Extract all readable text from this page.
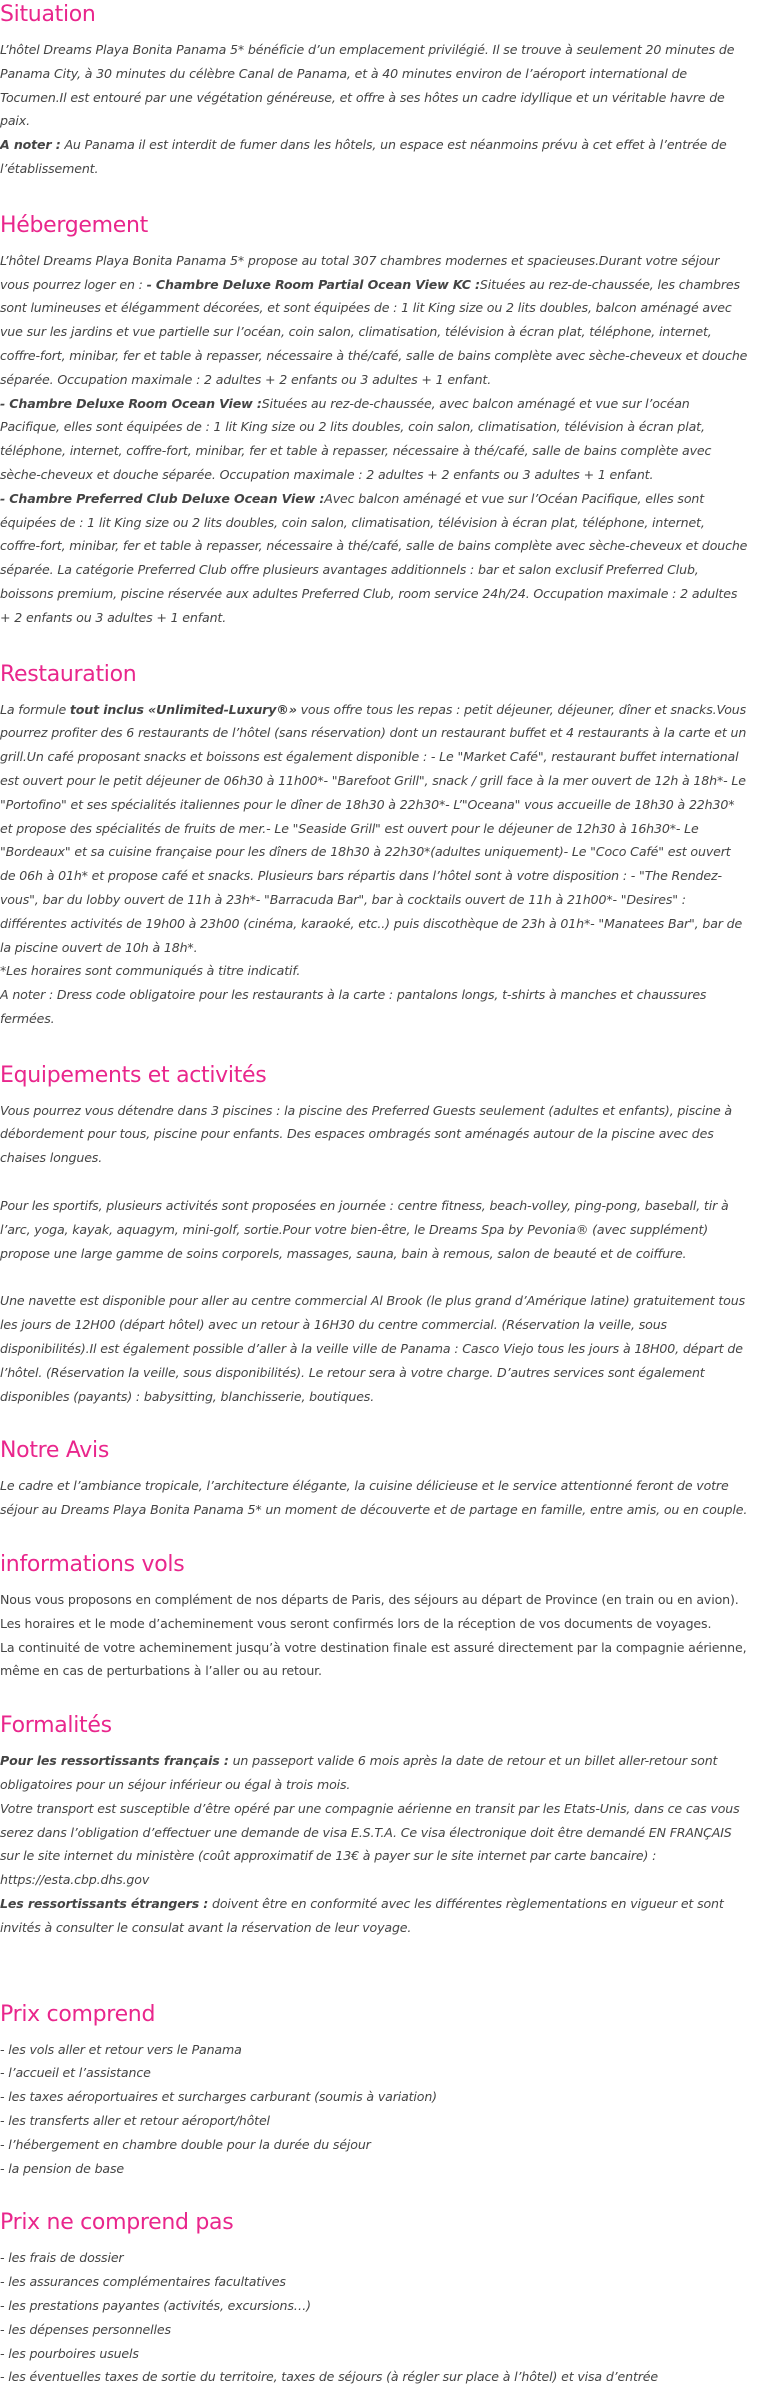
Situation

L’hôtel Dreams Playa Bonita Panama 5* bénéficie d’un emplacement privilégié. Il se trouve à seulement 20 minutes de Panama City, à 30 minutes du célèbre Canal de Panama, et à 40 minutes environ de l’aéroport international de Tocumen.Il est entouré par une végétation généreuse, et offre à ses hôtes un cadre idyllique et un véritable havre de paix.
A noter : Au Panama il est interdit de fumer dans les hôtels, un espace est néanmoins prévu à cet effet à l’entrée de l’établissement.

Hébergement

L’hôtel Dreams Playa Bonita Panama 5* propose au total 307 chambres modernes et spacieuses.Durant votre séjour vous pourrez loger en : - Chambre Deluxe Room Partial Ocean View KC :Situées au rez-de-chaussée, les chambres sont lumineuses et élégamment décorées, et sont équipées de : 1 lit King size ou 2 lits doubles, balcon aménagé avec vue sur les jardins et vue partielle sur l’océan, coin salon, climatisation, télévision à écran plat, téléphone, internet, coffre-fort, minibar, fer et table à repasser, nécessaire à thé/café, salle de bains complète avec sèche-cheveux et douche séparée. Occupation maximale : 2 adultes + 2 enfants ou 3 adultes + 1 enfant.
- Chambre Deluxe Room Ocean View :Situées au rez-de-chaussée, avec balcon aménagé et vue sur l’océan Pacifique, elles sont équipées de : 1 lit King size ou 2 lits doubles, coin salon, climatisation, télévision à écran plat, téléphone, internet, coffre-fort, minibar, fer et table à repasser, nécessaire à thé/café, salle de bains complète avec sèche-cheveux et douche séparée. Occupation maximale : 2 adultes + 2 enfants ou 3 adultes + 1 enfant.
- Chambre Preferred Club Deluxe Ocean View :Avec balcon aménagé et vue sur l’Océan Pacifique, elles sont équipées de : 1 lit King size ou 2 lits doubles, coin salon, climatisation, télévision à écran plat, téléphone, internet, coffre-fort, minibar, fer et table à repasser, nécessaire à thé/café, salle de bains complète avec sèche-cheveux et douche séparée. La catégorie Preferred Club offre plusieurs avantages additionnels : bar et salon exclusif Preferred Club, boissons premium, piscine réservée aux adultes Preferred Club, room service 24h/24. Occupation maximale : 2 adultes + 2 enfants ou 3 adultes + 1 enfant.

Restauration

La formule tout inclus «Unlimited-Luxury®» vous offre tous les repas : petit déjeuner, déjeuner, dîner et snacks.Vous pourrez profiter des 6 restaurants de l’hôtel (sans réservation) dont un restaurant buffet et 4 restaurants à la carte et un grill.Un café proposant snacks et boissons est également disponible : - Le "Market Café", restaurant buffet international est ouvert pour le petit déjeuner de 06h30 à 11h00*- "Barefoot Grill", snack / grill face à la mer ouvert de 12h à 18h*- Le "Portofino" et ses spécialités italiennes pour le dîner de 18h30 à 22h30*- L’"Oceana" vous accueille de 18h30 à 22h30* et propose des spécialités de fruits de mer.- Le "Seaside Grill" est ouvert pour le déjeuner de 12h30 à 16h30*- Le "Bordeaux" et sa cuisine française pour les dîners de 18h30 à 22h30*(adultes uniquement)- Le "Coco Café" est ouvert de 06h à 01h* et propose café et snacks. Plusieurs bars répartis dans l’hôtel sont à votre disposition : - "The Rendez-vous", bar du lobby ouvert de 11h à 23h*- "Barracuda Bar", bar à cocktails ouvert de 11h à 21h00*- "Desires" : différentes activités de 19h00 à 23h00 (cinéma, karaoké, etc..) puis discothèque de 23h à 01h*- "Manatees Bar", bar de la piscine ouvert de 10h à 18h*.
*Les horaires sont communiqués à titre indicatif.
A noter : Dress code obligatoire pour les restaurants à la carte : pantalons longs, t-shirts à manches et chaussures fermées.

Equipements et activités

Vous pourrez vous détendre dans 3 piscines : la piscine des Preferred Guests seulement (adultes et enfants), piscine à débordement pour tous, piscine pour enfants. Des espaces ombragés sont aménagés autour de la piscine avec des chaises longues.

Pour les sportifs, plusieurs activités sont proposées en journée : centre fitness, beach-volley, ping-pong, baseball, tir à l’arc, yoga, kayak, aquagym, mini-golf, sortie.Pour votre bien-être, le Dreams Spa by Pevonia® (avec supplément) propose une large gamme de soins corporels, massages, sauna, bain à remous, salon de beauté et de coiffure.

Une navette est disponible pour aller au centre commercial Al Brook (le plus grand d’Amérique latine) gratuitement tous les jours de 12H00 (départ hôtel) avec un retour à 16H30 du centre commercial. (Réservation la veille, sous disponibilités).Il est également possible d’aller à la veille ville de Panama : Casco Viejo tous les jours à 18H00, départ de l’hôtel. (Réservation la veille, sous disponibilités). Le retour sera à votre charge. D’autres services sont également disponibles (payants) : babysitting, blanchisserie, boutiques.

Notre Avis

Le cadre et l’ambiance tropicale, l’architecture élégante, la cuisine délicieuse et le service attentionné feront de votre séjour au Dreams Playa Bonita Panama 5* un moment de découverte et de partage en famille, entre amis, ou en couple.

informations vols

Nous vous proposons en complément de nos départs de Paris, des séjours au départ de Province (en train ou en avion).
Les horaires et le mode d’acheminement vous seront confirmés lors de la réception de vos documents de voyages.
La continuité de votre acheminement jusqu’à votre destination finale est assuré directement par la compagnie aérienne, même en cas de perturbations à l’aller ou au retour.

Formalités

Pour les ressortissants français : un passeport valide 6 mois après la date de retour et un billet aller-retour sont obligatoires pour un séjour inférieur ou égal à trois mois.
Votre transport est susceptible d’être opéré par une compagnie aérienne en transit par les Etats-Unis, dans ce cas vous serez dans l’obligation d’effectuer une demande de visa E.S.T.A. Ce visa électronique doit être demandé EN FRANÇAIS sur le site internet du ministère (coût approximatif de 13€ à payer sur le site internet par carte bancaire) : https://esta.cbp.dhs.gov
Les ressortissants étrangers : doivent être en conformité avec les différentes règlementations en vigueur et sont invités à consulter le consulat avant la réservation de leur voyage.

Prix comprend
- les vols aller et retour vers le Panama
- l’accueil et l’assistance
- les taxes aéroportuaires et surcharges carburant (soumis à variation)
- les transferts aller et retour aéroport/hôtel
- l’hébergement en chambre double pour la durée du séjour
- la pension de base
Prix ne comprend pas
- les frais de dossier
- les assurances complémentaires facultatives
- les prestations payantes (activités, excursions…)
- les dépenses personnelles
- les pourboires usuels
- les éventuelles taxes de sortie du territoire, taxes de séjours (à régler sur place à l’hôtel) et visa d’entrée
